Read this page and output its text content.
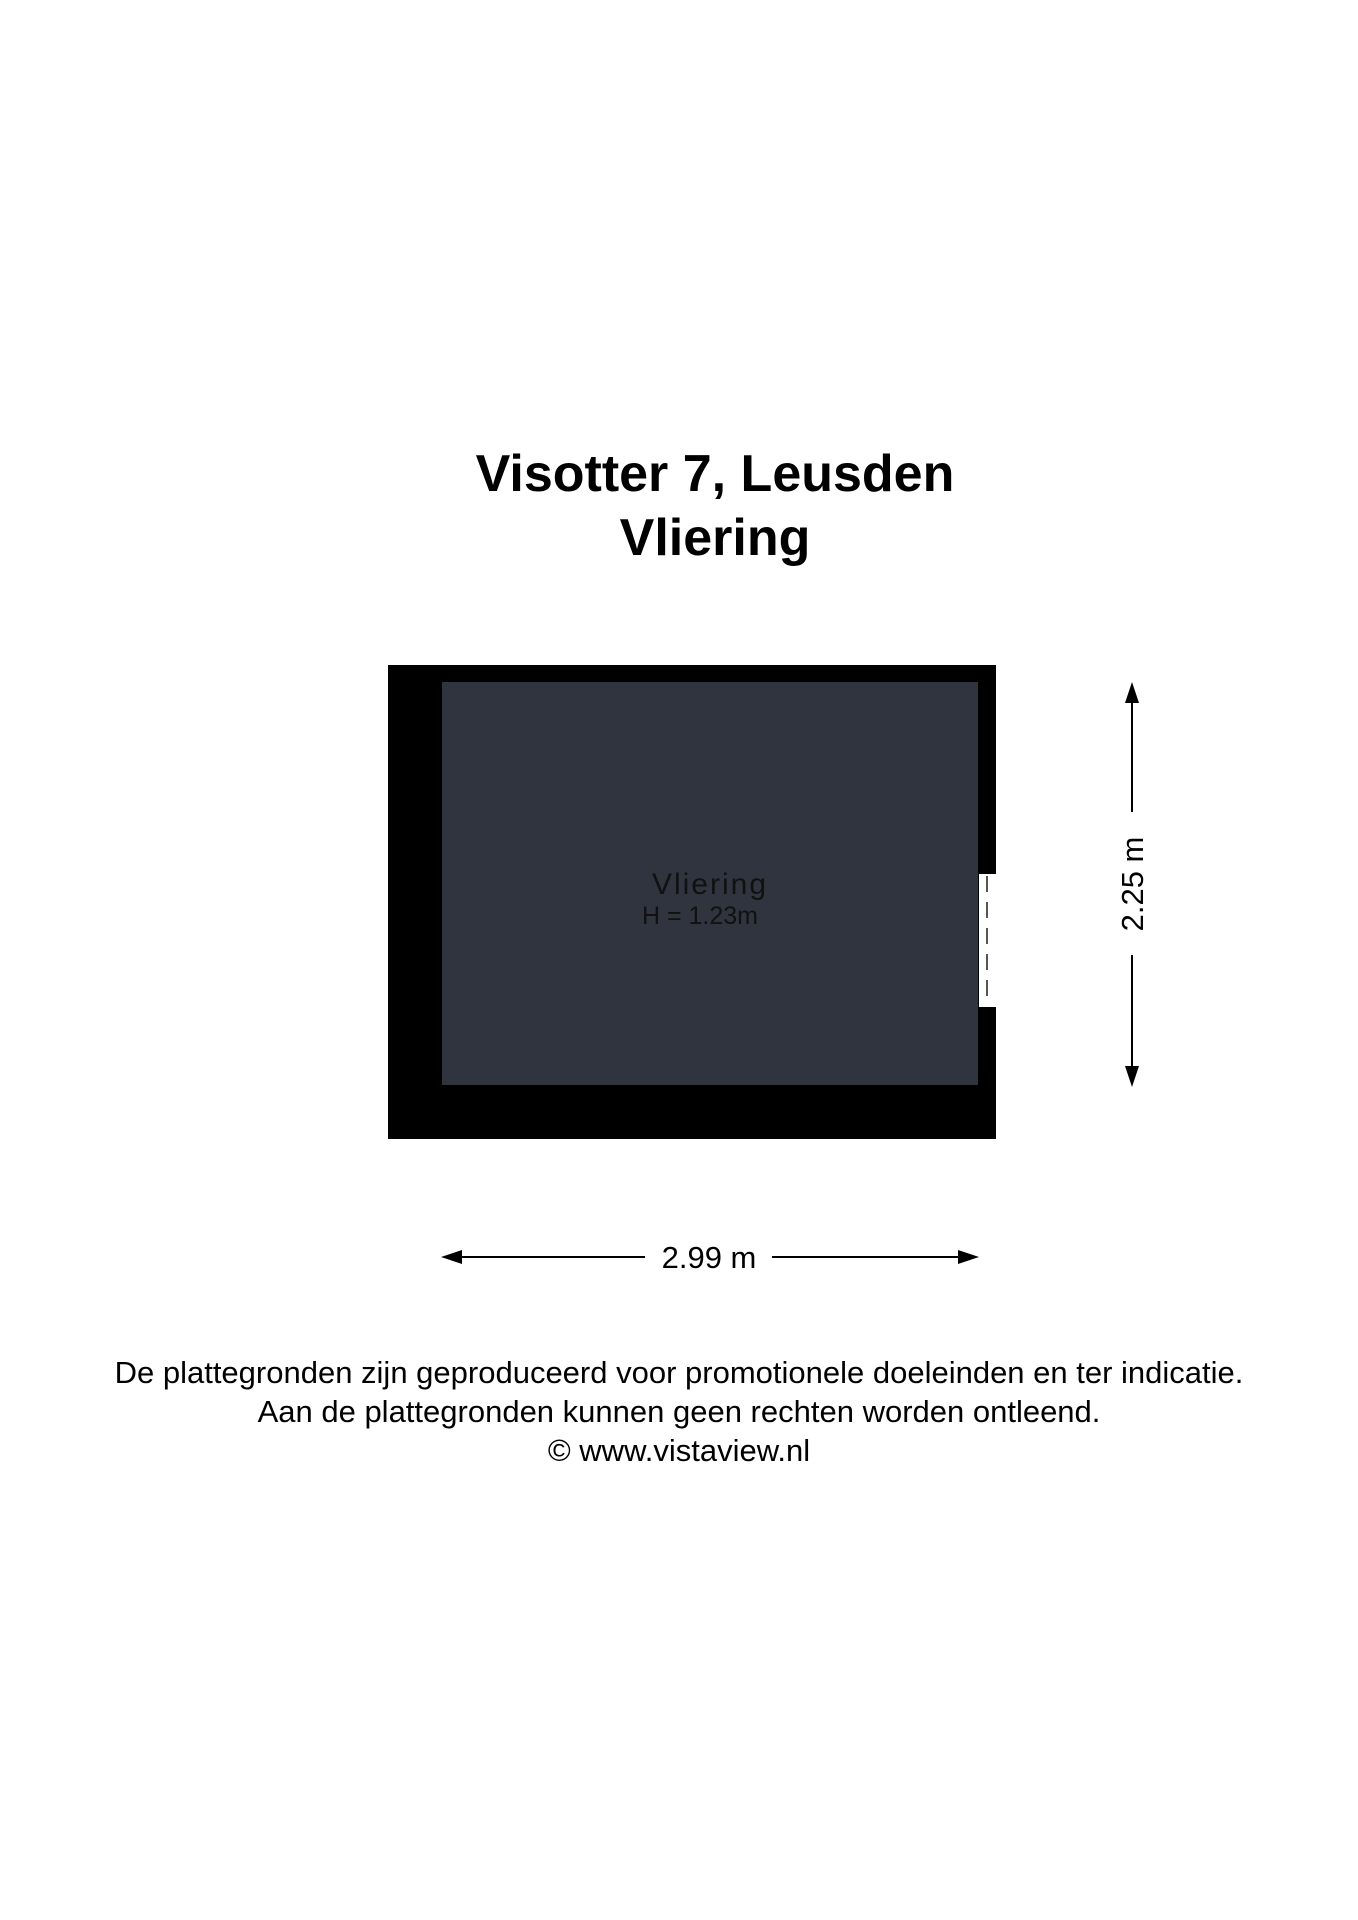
Visotter 7, Leusden
Vliering
Vliering
H = 1.23m
2.99 m
2.25 m
De plattegronden zijn geproduceerd voor promotionele doeleinden en ter indicatie.
Aan de plattegronden kunnen geen rechten worden ontleend.
© www.vistaview.nl
